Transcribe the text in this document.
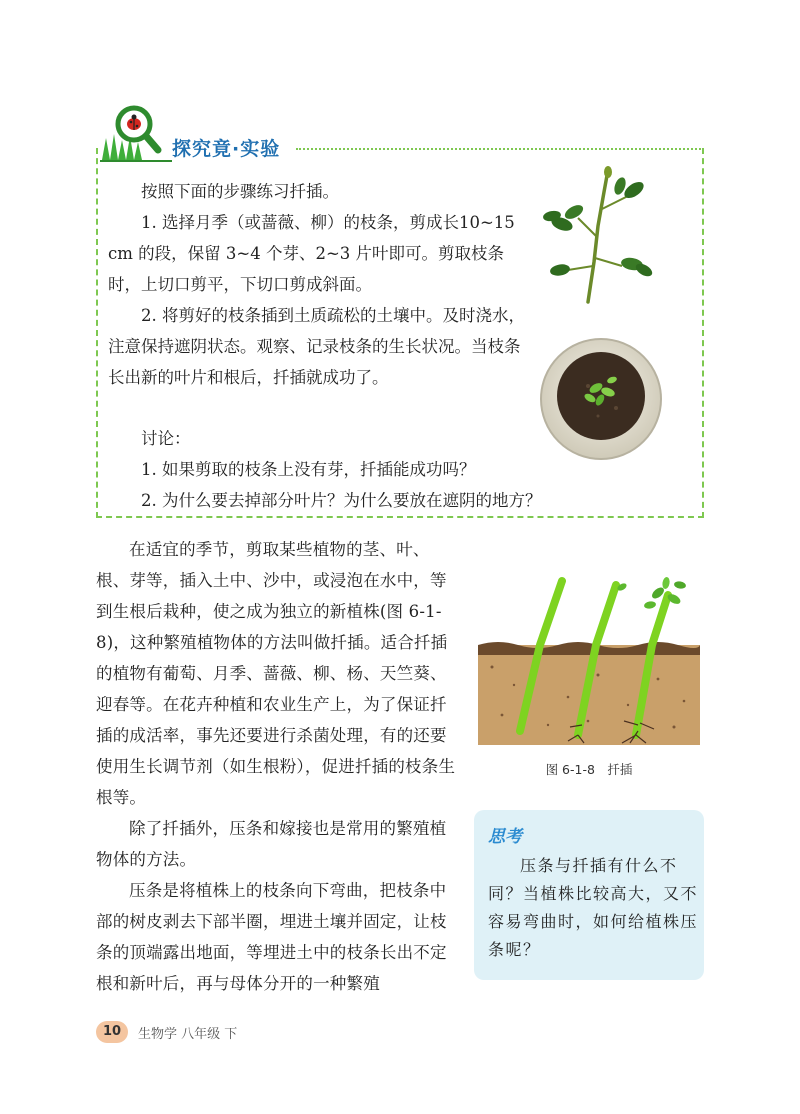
探究竟·实验

按照下面的步骤练习扦插。

1. 选择月季（或蔷薇、柳）的枝条，剪成长10~15 cm 的段，保留 3~4 个芽、2~3 片叶即可。剪取枝条时，上切口剪平，下切口剪成斜面。

2. 将剪好的枝条插到土质疏松的土壤中。及时浇水，注意保持遮阴状态。观察、记录枝条的生长状况。当枝条长出新的叶片和根后，扦插就成功了。

讨论：

1. 如果剪取的枝条上没有芽，扦插能成功吗？

2. 为什么要去掉部分叶片？为什么要放在遮阴的地方？

在适宜的季节，剪取某些植物的茎、叶、根、芽等，插入土中、沙中，或浸泡在水中，等到生根后栽种，使之成为独立的新植株(图 6-1-8)，这种繁殖植物体的方法叫做扦插。适合扦插的植物有葡萄、月季、蔷薇、柳、杨、天竺葵、迎春等。在花卉种植和农业生产上，为了保证扦插的成活率，事先还要进行杀菌处理，有的还要使用生长调节剂（如生根粉），促进扦插的枝条生根等。

除了扦插外，压条和嫁接也是常用的繁殖植物体的方法。

压条是将植株上的枝条向下弯曲，把枝条中部的树皮剥去下部半圈，埋进土壤并固定，让枝条的顶端露出地面，等埋进土中的枝条长出不定根和新叶后，再与母体分开的一种繁殖

图 6-1-8　扦插
思考

压条与扦插有什么不同？当植株比较高大，又不容易弯曲时，如何给植株压条呢？

10	生物学 八年级 下
